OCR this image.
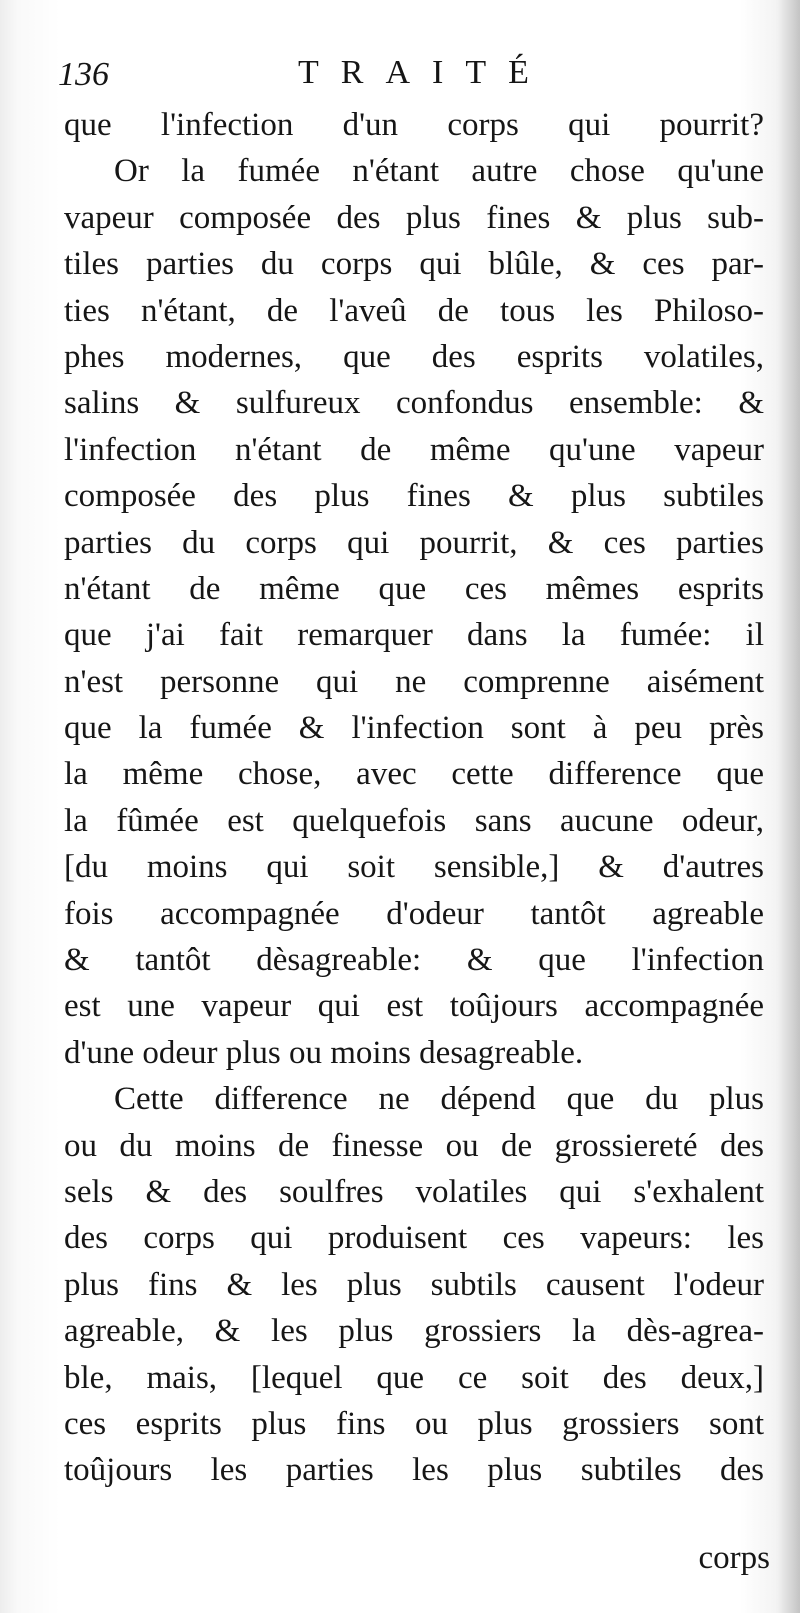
136	TRAITÉ
que l'infection d'un corps qui pourrit?
Or la fumée n'étant autre chose qu'une
vapeur composée des plus fines & plus sub-
tiles parties du corps qui blûle, & ces par-
ties n'étant, de l'aveû de tous les Philoso-
phes modernes, que des esprits volatiles,
salins & sulfureux confondus ensemble: &
l'infection n'étant de même qu'une vapeur
composée des plus fines & plus subtiles
parties du corps qui pourrit, & ces parties
n'étant de même que ces mêmes esprits
que j'ai fait remarquer dans la fumée: il
n'est personne qui ne comprenne aisément
que la fumée & l'infection sont à peu près
la même chose, avec cette difference que
la fûmée est quelquefois sans aucune odeur,
[du moins qui soit sensible,] & d'autres
fois accompagnée d'odeur tantôt agreable
& tantôt dèsagreable: & que l'infection
est une vapeur qui est toûjours accompagnée
d'une odeur plus ou moins desagreable.
Cette difference ne dépend que du plus
ou du moins de finesse ou de grossiereté des
sels & des soulfres volatiles qui s'exhalent
des corps qui produisent ces vapeurs: les
plus fins & les plus subtils causent l'odeur
agreable, & les plus grossiers la dès-agrea-
ble, mais, [lequel que ce soit des deux,]
ces esprits plus fins ou plus grossiers sont
toûjours les parties les plus subtiles des
corps
